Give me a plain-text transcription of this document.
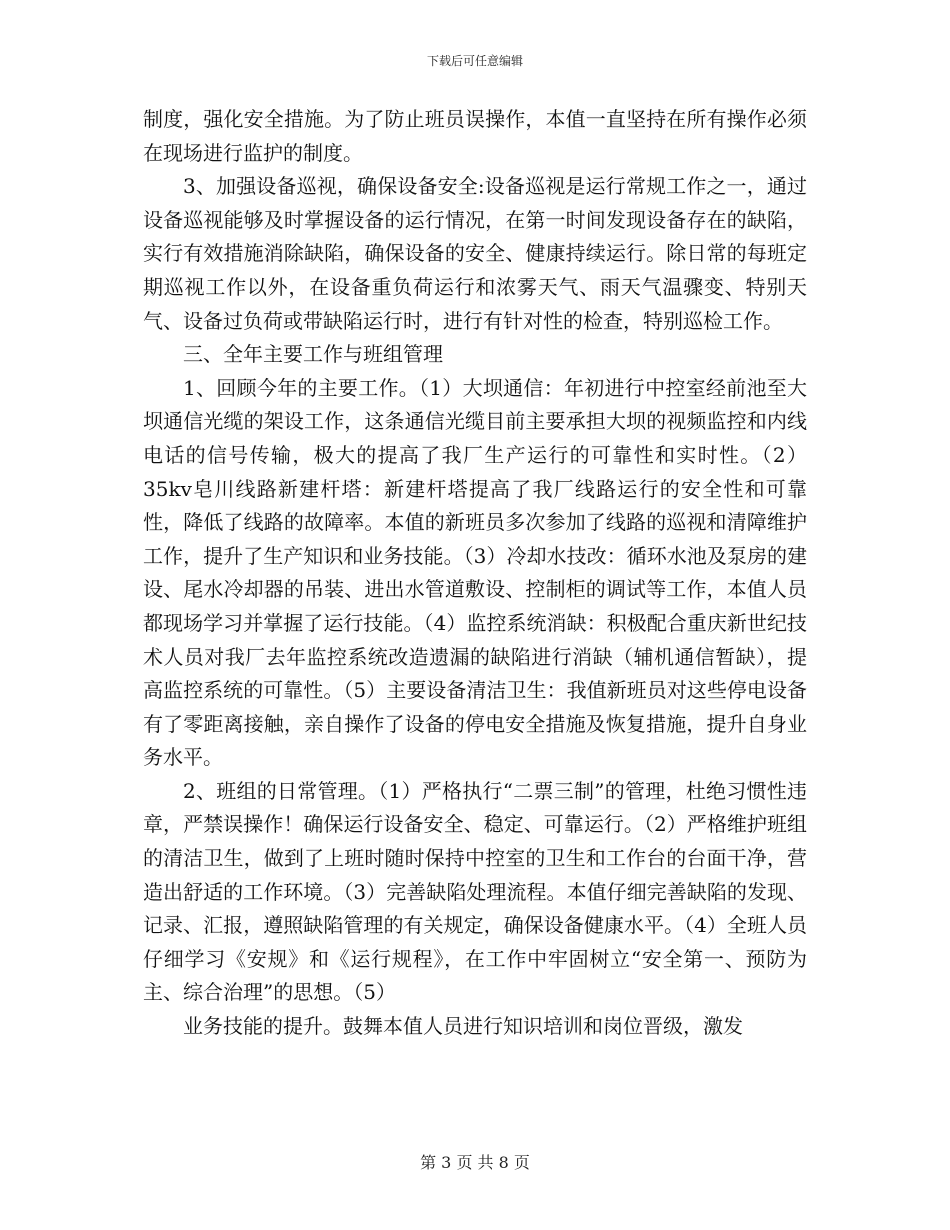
下载后可任意编辑

制度，强化安全措施。为了防止班员误操作，本值一直坚持在所有操作必须在现场进行监护的制度。

3、加强设备巡视，确保设备安全:设备巡视是运行常规工作之一，通过设备巡视能够及时掌握设备的运行情况，在第一时间发现设备存在的缺陷，实行有效措施消除缺陷，确保设备的安全、健康持续运行。除日常的每班定期巡视工作以外，在设备重负荷运行和浓雾天气、雨天气温骤变、特别天气、设备过负荷或带缺陷运行时，进行有针对性的检查，特别巡检工作。

三、全年主要工作与班组管理

1、回顾今年的主要工作。（1）大坝通信：年初进行中控室经前池至大坝通信光缆的架设工作，这条通信光缆目前主要承担大坝的视频监控和内线电话的信号传输，极大的提高了我厂生产运行的可靠性和实时性。（2）35kv皂川线路新建杆塔：新建杆塔提高了我厂线路运行的安全性和可靠性，降低了线路的故障率。本值的新班员多次参加了线路的巡视和清障维护工作，提升了生产知识和业务技能。（3）冷却水技改：循环水池及泵房的建设、尾水冷却器的吊装、进出水管道敷设、控制柜的调试等工作，本值人员都现场学习并掌握了运行技能。（4）监控系统消缺：积极配合重庆新世纪技术人员对我厂去年监控系统改造遗漏的缺陷进行消缺（辅机通信暂缺），提高监控系统的可靠性。（5）主要设备清洁卫生：我值新班员对这些停电设备有了零距离接触，亲自操作了设备的停电安全措施及恢复措施，提升自身业务水平。

2、班组的日常管理。（1）严格执行“二票三制”的管理，杜绝习惯性违章，严禁误操作！确保运行设备安全、稳定、可靠运行。（2）严格维护班组的清洁卫生，做到了上班时随时保持中控室的卫生和工作台的台面干净，营造出舒适的工作环境。（3）完善缺陷处理流程。本值仔细完善缺陷的发现、记录、汇报，遵照缺陷管理的有关规定，确保设备健康水平。（4）全班人员仔细学习《安规》和《运行规程》，在工作中牢固树立“安全第一、预防为主、综合治理”的思想。（5）

业务技能的提升。鼓舞本值人员进行知识培训和岗位晋级，激发

第 3 页 共 8 页
